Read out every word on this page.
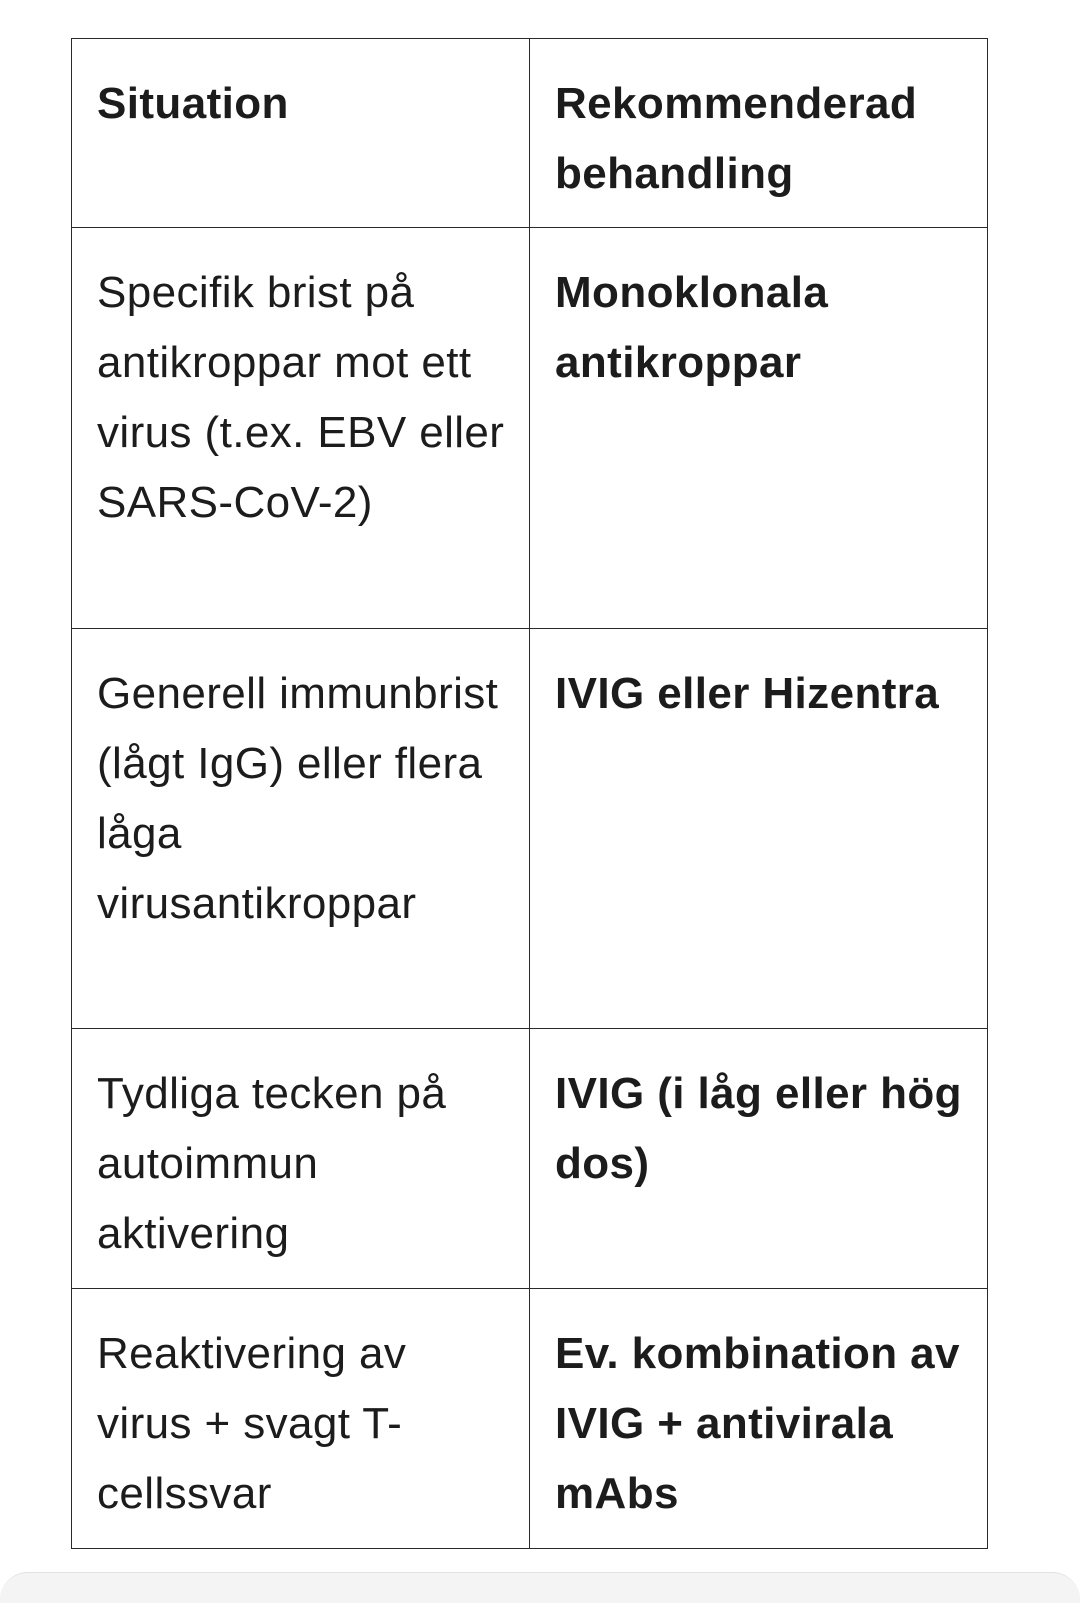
Situation	Rekommenderad behandling
Specifik brist på antikroppar mot ett virus (t.ex. EBV eller SARS-CoV-2)	Monoklonala antikroppar
Generell immunbrist (lågt IgG) eller flera låga virusantikroppar	IVIG eller Hizentra
Tydliga tecken på autoimmun aktivering	IVIG (i låg eller hög dos)
Reaktivering av virus + svagt T-cellssvar	Ev. kombination av IVIG + antivirala mAbs
